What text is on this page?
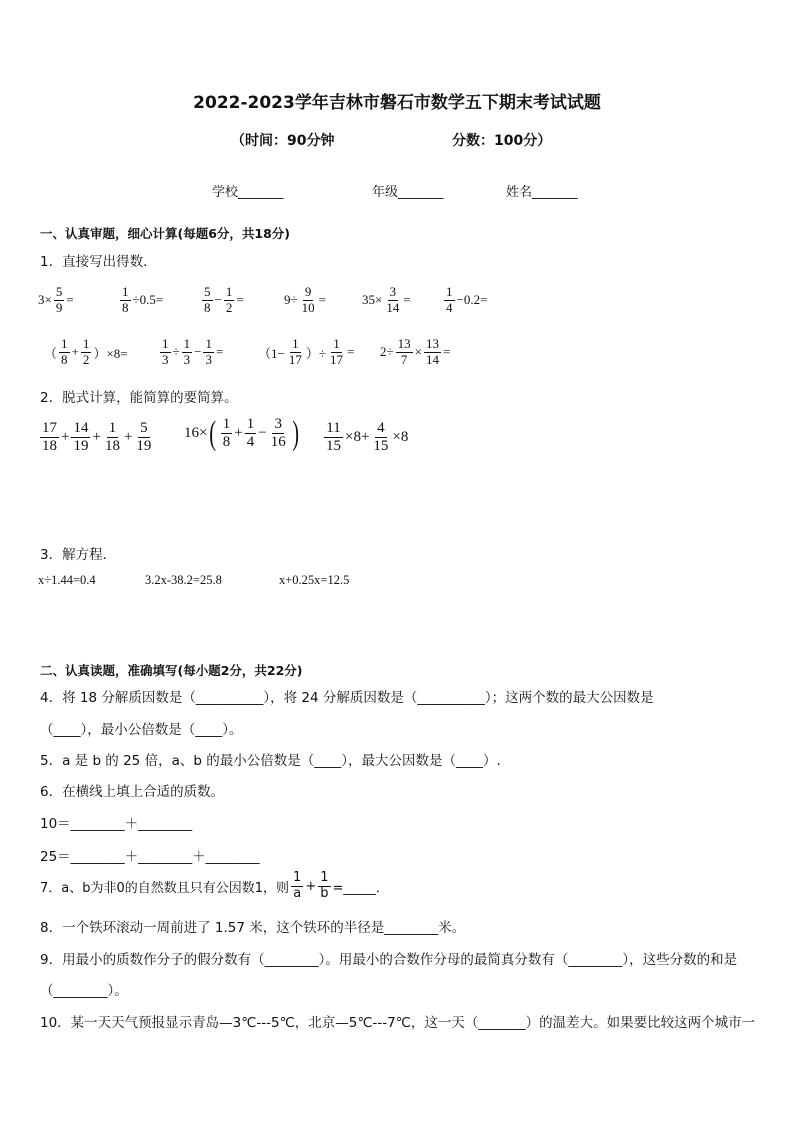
2022-2023学年吉林市磐石市数学五下期末考试试题
（时间：90分钟	分数：100分）
学校_______	年级_______	姓名_______
一、认真审题，细心计算(每题6分，共18分)
1．直接写出得数．
$3\times \frac{5}{9}$ =	$\frac{1}{8} \div 0.5=$	$\frac{5}{8} - \frac{1}{2}$ =	$9\div \frac{9}{10}$ =	$35\times \frac{3}{14}$ =	$\frac{1}{4} -0.2=$
（ $\frac{1}{8} + \frac{1}{2} )\times 8= \frac{1}{3} \div \frac{1}{3} - \frac{1}{3}$ =	（$1- \frac{1}{17}$ ）÷ $\frac{1}{17} = 2\div \frac{13}{7} \times \frac{13}{14}$ =
2．脱式计算，能简算的要简算。
$\frac{17}{18} + \frac{14}{19} + \frac{1}{18} + \frac{5}{19} 16\times$ ( $\frac{1}{8} + \frac{1}{4} - \frac{3}{16}$ ) $\frac{11}{15} \times 8+ \frac{4}{15} \times 8$
3．解方程．
x÷1.44=0.4	3.2x-38.2=25.8	x+0.25x=12.5
二、认真读题，准确填写(每小题2分，共22分)
4．将 18 分解质因数是（__________），将 24 分解质因数是（__________）；这两个数的最大公因数是
（____），最小公倍数是（____）。
5．a 是 b 的 25 倍，a、b 的最小公倍数是（____），最大公因数是（____）.
6．在横线上填上合适的质数。
10＝________＋________
25＝________＋________＋________
7．a、b为非0的自然数且只有公因数1，则 $\frac{1}{a} + \frac{1}{b}$ =_____．
8．一个铁环滚动一周前进了 1.57 米，这个铁环的半径是________米。
9．用最小的质数作分子的假分数有（________）。用最小的合数作分母的最简真分数有（________），这些分数的和是
（________）。
10．某一天天气预报显示青岛—3℃---5℃，北京—5℃---7℃，这一天（_______）的温差大。如果要比较这两个城市一
